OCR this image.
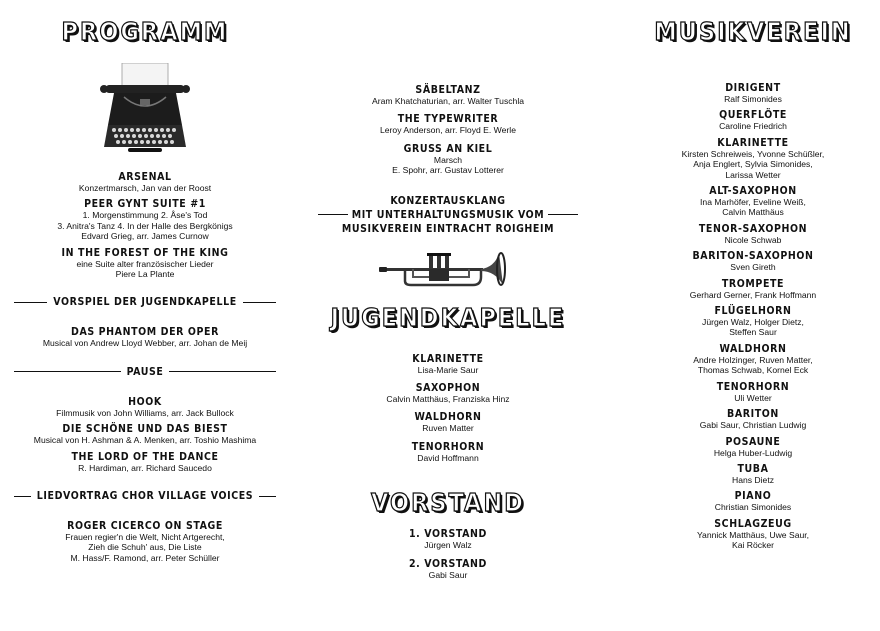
PROGRAMM

ARSENAL

Konzertmarsch, Jan van der Roost

PEER GYNT SUITE #1

1. Morgenstimmung 2. Åse's Tod

3. Anitra's Tanz 4. In der Halle des Bergkönigs

Edvard Grieg, arr. James Curnow

IN THE FOREST OF THE KING

eine Suite alter französischer Lieder

Piere La Plante

VORSPIEL DER JUGENDKAPELLE

DAS PHANTOM DER OPER

Musical von Andrew Lloyd Webber, arr. Johan de Meij

PAUSE

HOOK

Filmmusik von John Williams, arr. Jack Bullock

DIE SCHÖNE UND DAS BIEST

Musical von H. Ashman & A. Menken, arr. Toshio Mashima

THE LORD OF THE DANCE

R. Hardiman, arr. Richard Saucedo

LIEDVORTRAG CHOR VILLAGE VOICES

ROGER CICERCO ON STAGE

Frauen regier'n die Welt, Nicht Artgerecht,

Zieh die Schuh' aus, Die Liste

M. Hass/F. Ramond, arr. Peter Schüller

SÄBELTANZ

Aram Khatchaturian, arr. Walter Tuschla

THE TYPEWRITER

Leroy Anderson, arr. Floyd E. Werle

GRUSS AN KIEL

Marsch

E. Spohr, arr. Gustav Lotterer

KONZERTAUSKLANG

MIT UNTERHALTUNGSMUSIK VOM

MUSIKVEREIN EINTRACHT ROIGHEIM

JUGENDKAPELLE

KLARINETTE

Lisa-Marie Saur

SAXOPHON

Calvin Matthäus, Franziska Hinz

WALDHORN

Ruven Matter

TENORHORN

David Hoffmann

VORSTAND

1. VORSTAND

Jürgen Walz

2. VORSTAND

Gabi Saur

MUSIKVEREIN

DIRIGENT

Ralf Simonides

QUERFLÖTE

Caroline Friedrich

KLARINETTE

Kirsten Schreiweis, Yvonne Schüßler,

Anja Englert, Sylvia Simonides,

Larissa Wetter

ALT-SAXOPHON

Ina Marhöfer, Eveline Weiß,

Calvin Matthäus

TENOR-SAXOPHON

Nicole Schwab

BARITON-SAXOPHON

Sven Gireth

TROMPETE

Gerhard Gerner, Frank Hoffmann

FLÜGELHORN

Jürgen Walz, Holger Dietz,

Steffen Saur

WALDHORN

Andre Holzinger, Ruven Matter,

Thomas Schwab, Kornel Eck

TENORHORN

Uli Wetter

BARITON

Gabi Saur, Christian Ludwig

POSAUNE

Helga Huber-Ludwig

TUBA

Hans Dietz

PIANO

Christian Simonides

SCHLAGZEUG

Yannick Matthäus, Uwe Saur,

Kai Röcker
